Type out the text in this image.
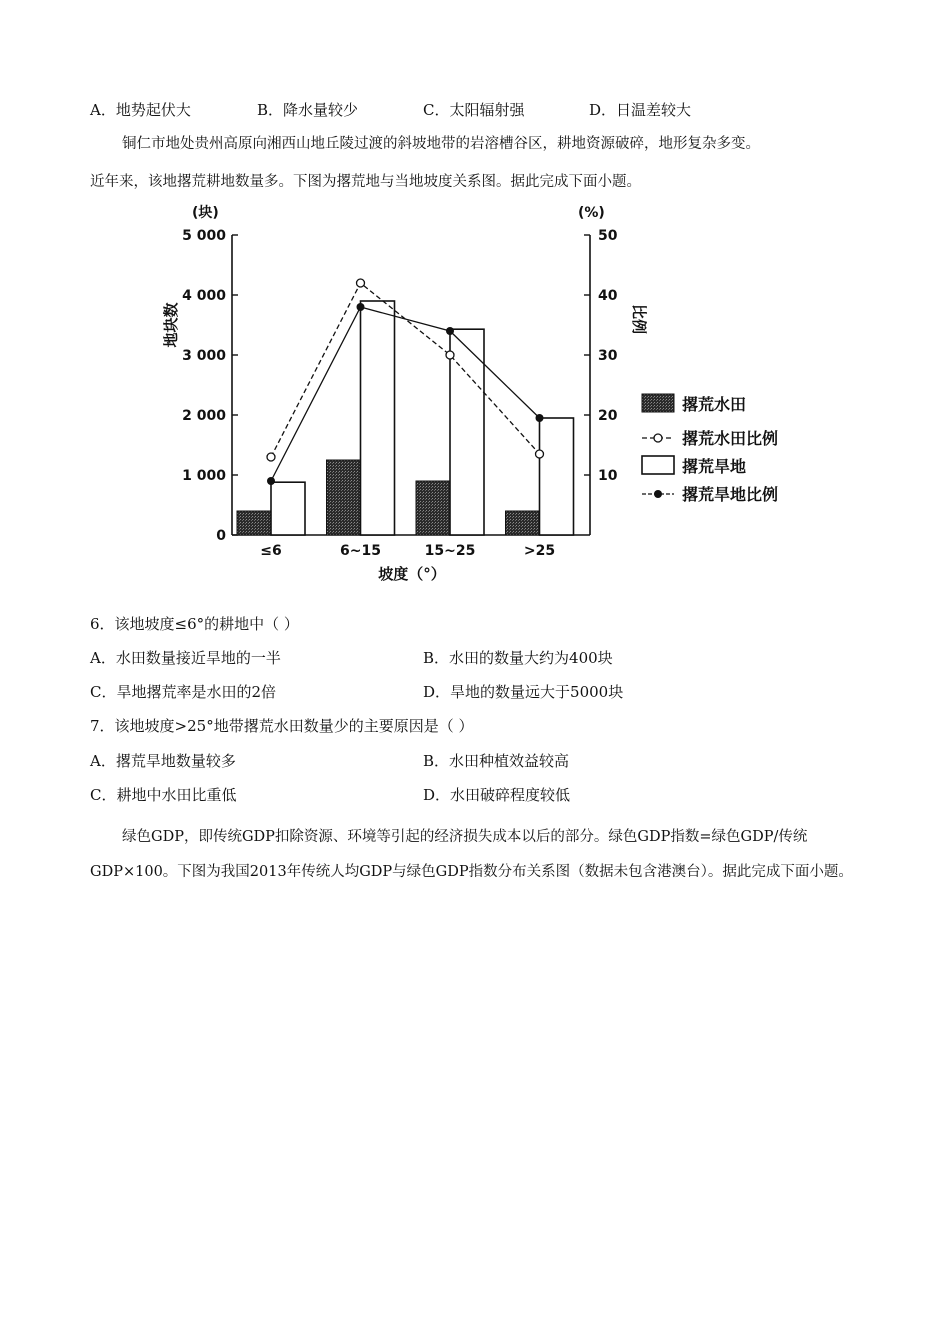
A．地势起伏大	B．降水量较少	C．太阳辐射强	D．日温差较大
铜仁市地处贵州高原向湘西山地丘陵过渡的斜坡地带的岩溶槽谷区，耕地资源破碎，地形复杂多变。
近年来，该地撂荒耕地数量多。下图为撂荒地与当地坡度关系图。据此完成下面小题。
0
1 000
2 000
3 000
4 000
5 000
10
20
30
40
50
(块)	(%)
地块数	比例
坡度（°）
≤6	6~15	15~25	>25
撂荒水田
撂荒水田比例
撂荒旱地
撂荒旱地比例
6．该地坡度≤6°的耕地中（ ）
A．水田数量接近旱地的一半	B．水田的数量大约为400块
C．旱地撂荒率是水田的2倍	D．旱地的数量远大于5000块
7．该地坡度>25°地带撂荒水田数量少的主要原因是（ ）
A．撂荒旱地数量较多	B．水田种植效益较高
C．耕地中水田比重低	D．水田破碎程度较低
绿色GDP，即传统GDP扣除资源、环境等引起的经济损失成本以后的部分。绿色GDP指数=绿色GDP/传统GDP×100。下图为我国2013年传统人均GDP与绿色GDP指数分布关系图（数据未包含港澳台）。据此完成下面小题。
